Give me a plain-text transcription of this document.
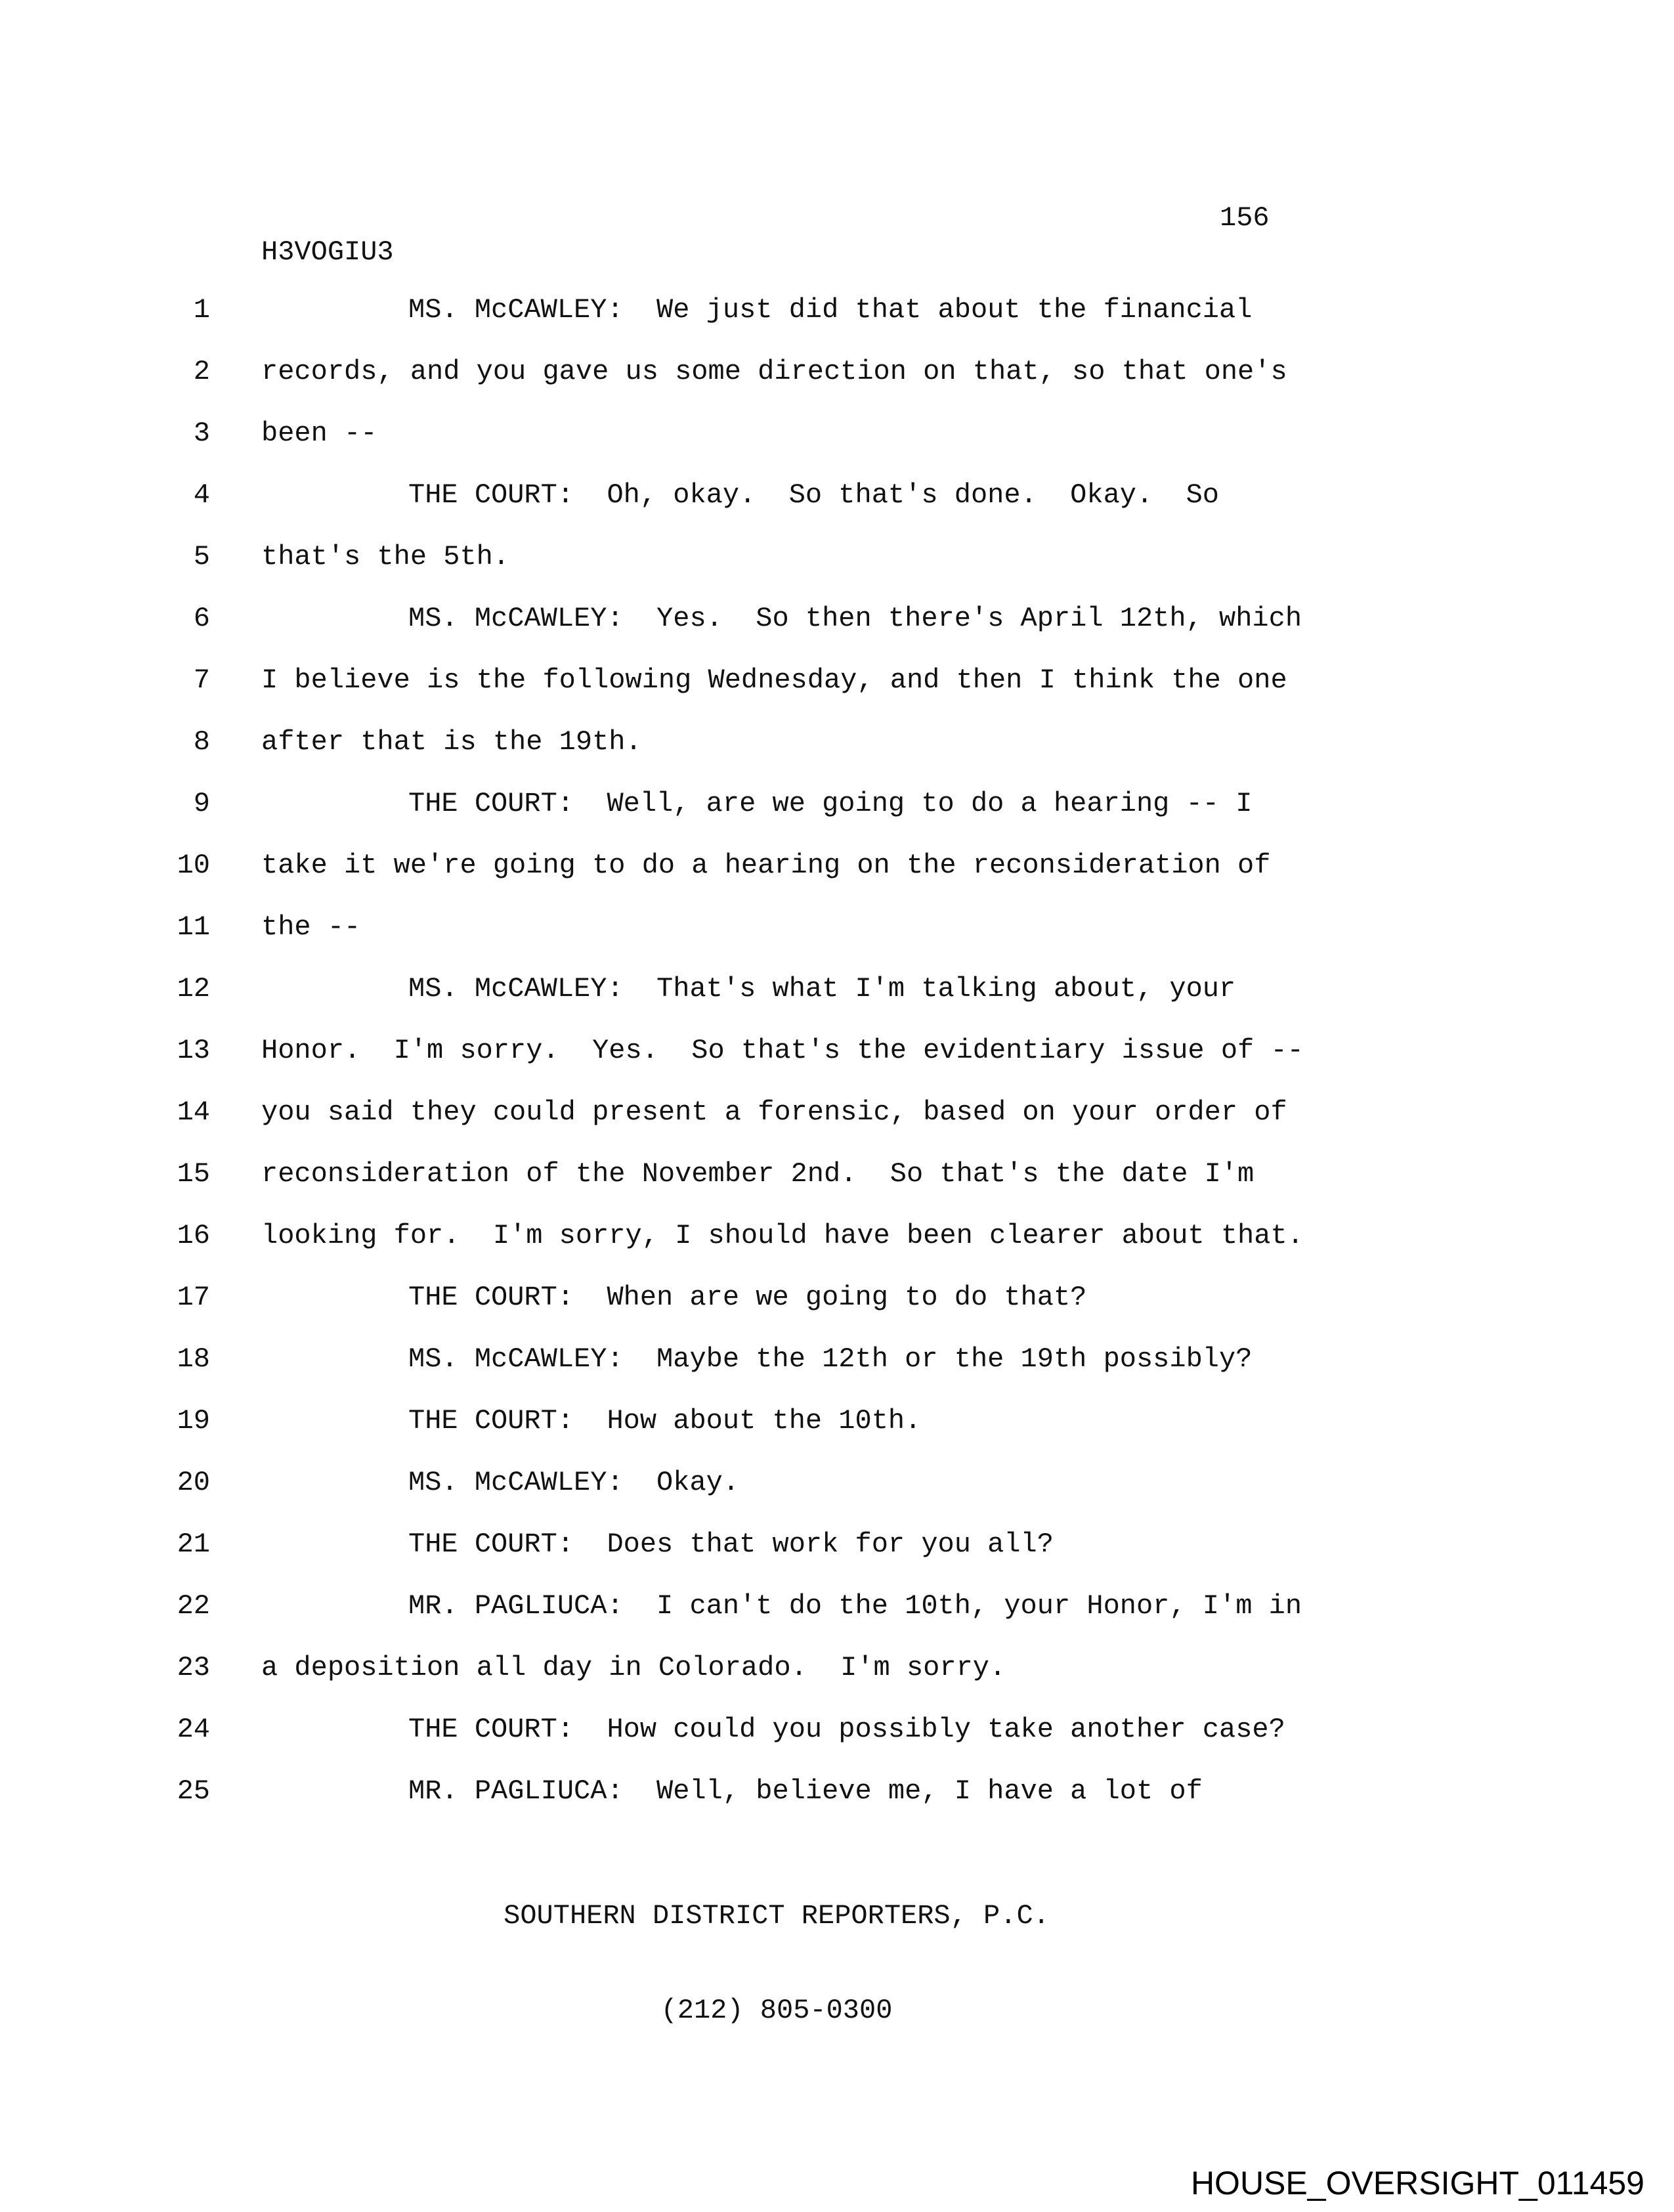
156
H3VOGIU3
1	MS. McCAWLEY:  We just did that about the financial
2 records, and you gave us some direction on that, so that one's
3 been --
4	THE COURT:  Oh, okay.  So that's done.  Okay.  So
5 that's the 5th.
6	MS. McCAWLEY:  Yes.  So then there's April 12th, which
7 I believe is the following Wednesday, and then I think the one
8 after that is the 19th.
9	THE COURT:  Well, are we going to do a hearing -- I
10 take it we're going to do a hearing on the reconsideration of
11 the --
12	MS. McCAWLEY:  That's what I'm talking about, your
13 Honor.  I'm sorry.  Yes.  So that's the evidentiary issue of --
14 you said they could present a forensic, based on your order of
15 reconsideration of the November 2nd.  So that's the date I'm
16 looking for.  I'm sorry, I should have been clearer about that.
17	THE COURT:  When are we going to do that?
18	MS. McCAWLEY:  Maybe the 12th or the 19th possibly?
19	THE COURT:  How about the 10th.
20	MS. McCAWLEY:  Okay.
21	THE COURT:  Does that work for you all?
22	MR. PAGLIUCA:  I can't do the 10th, your Honor, I'm in
23 a deposition all day in Colorado.  I'm sorry.
24	THE COURT:  How could you possibly take another case?
25	MR. PAGLIUCA:  Well, believe me, I have a lot of

SOUTHERN DISTRICT REPORTERS, P.C.

(212) 805-0300

HOUSE_OVERSIGHT_011459
